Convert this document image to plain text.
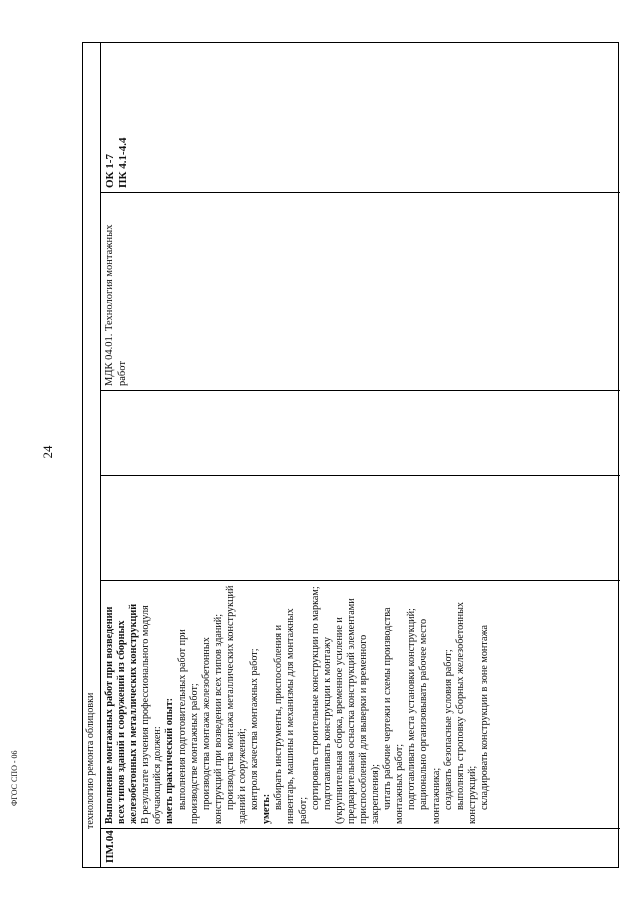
24
технологию ремонта облицовки
ПМ.04

Выполнение монтажных работ при возведении всех типов зданий и сооружений из сборных железобетонных и металлических конструкций В результате изучения профессионального модуля обучающийся должен: иметь практический опыт: выполнения подготовительных работ при производстве монтажных работ; производства монтажа железобетонных конструкций при возведении всех типов зданий; производства монтажа металлических конструкций зданий и сооружений; контроля качества монтажных работ; уметь: выбирать инструменты, приспособления и инвентарь, машины и механизмы для монтажных работ;

сортировать строительные конструкции по маркам; подготавливать конструкции к монтажу (укрупнительная сборка, временное усиление и предварительная оснастка конструкций элементами приспособлений для выверки и временного закрепления); читать рабочие чертежи и схемы производства монтажных работ; подготавливать места установки конструкций; рационально организовывать рабочее место монтажника; создавать безопасные условия работ; выполнять строповку сборных железобетонных конструкций; складировать конструкции в зоне монтажа

МДК 04.01. Технология монтажных работ
ОК 1-7 ПК 4.1-4.4
ФГОС СПО - 06
